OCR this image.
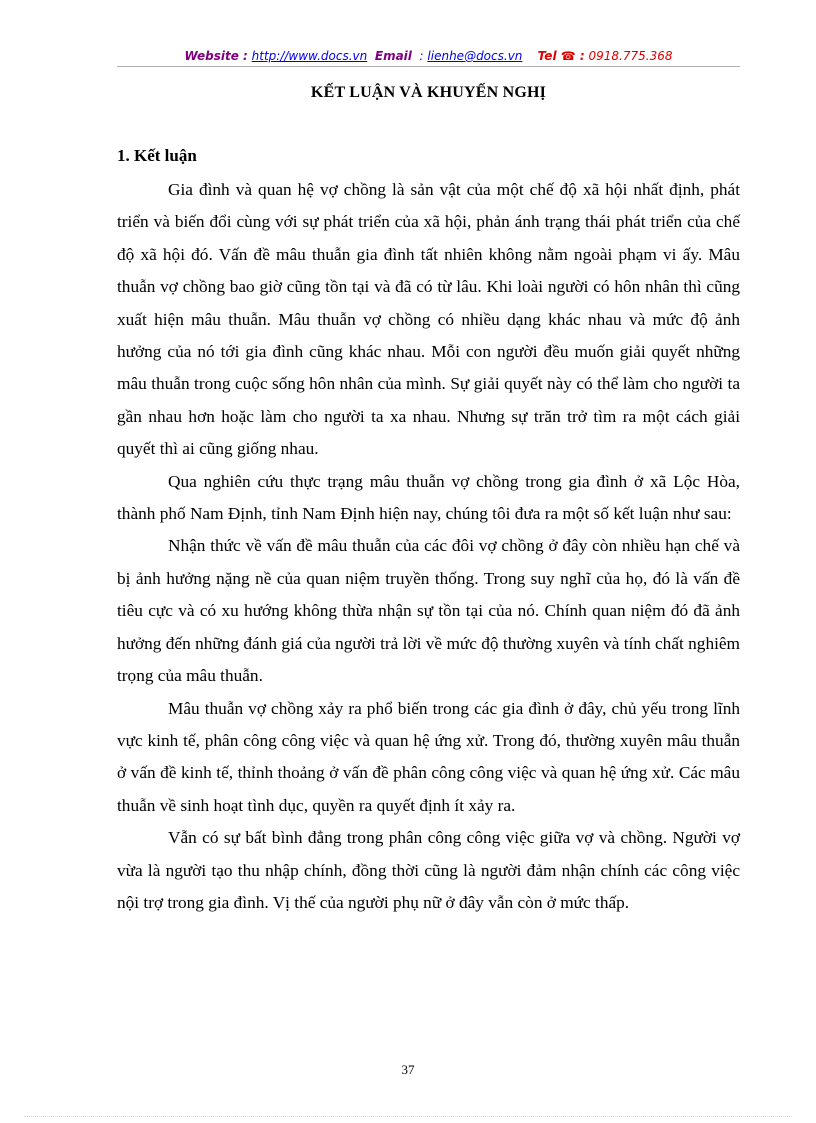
Website : http://www.docs.vn Email : lienhe@docs.vn Tel ☎ : 0918.775.368
KẾT LUẬN VÀ KHUYẾN NGHỊ
1. Kết luận

Gia đình và quan hệ vợ chồng là sản vật của một chế độ xã hội nhất định, phát triển và biến đổi cùng với sự phát triển của xã hội, phản ánh trạng thái phát triển của chế độ xã hội đó. Vấn đề mâu thuẫn gia đình tất nhiên không nằm ngoài phạm vi ấy. Mâu thuẫn vợ chồng bao giờ cũng tồn tại và đã có từ lâu. Khi loài người có hôn nhân thì cũng xuất hiện mâu thuẫn. Mâu thuẫn vợ chồng có nhiều dạng khác nhau và mức độ ảnh hưởng của nó tới gia đình cũng khác nhau. Mỗi con người đều muốn giải quyết những mâu thuẫn trong cuộc sống hôn nhân của mình. Sự giải quyết này có thể làm cho người ta gần nhau hơn hoặc làm cho người ta xa nhau. Nhưng sự trăn trở tìm ra một cách giải quyết thì ai cũng giống nhau.

Qua nghiên cứu thực trạng mâu thuẫn vợ chồng trong gia đình ở xã Lộc Hòa, thành phố Nam Định, tỉnh Nam Định hiện nay, chúng tôi đưa ra một số kết luận như sau:

Nhận thức về vấn đề mâu thuẫn của các đôi vợ chồng ở đây còn nhiều hạn chế và bị ảnh hưởng nặng nề của quan niệm truyền thống. Trong suy nghĩ của họ, đó là vấn đề tiêu cực và có xu hướng không thừa nhận sự tồn tại của nó. Chính quan niệm đó đã ảnh hưởng đến những đánh giá của người trả lời về mức độ thường xuyên và tính chất nghiêm trọng của mâu thuẫn.

Mâu thuẫn vợ chồng xảy ra phổ biến trong các gia đình ở đây, chủ yếu trong lĩnh vực kinh tế, phân công công việc và quan hệ ứng xử. Trong đó, thường xuyên mâu thuẫn ở vấn đề kinh tế, thỉnh thoảng ở vấn đề phân công công việc và quan hệ ứng xử. Các mâu thuẫn về sinh hoạt tình dục, quyền ra quyết định ít xảy ra.

Vẫn có sự bất bình đẳng trong phân công công việc giữa vợ và chồng. Người vợ vừa là người tạo thu nhập chính, đồng thời cũng là người đảm nhận chính các công việc nội trợ trong gia đình. Vị thế của người phụ nữ ở đây vẫn còn ở mức thấp.

37
